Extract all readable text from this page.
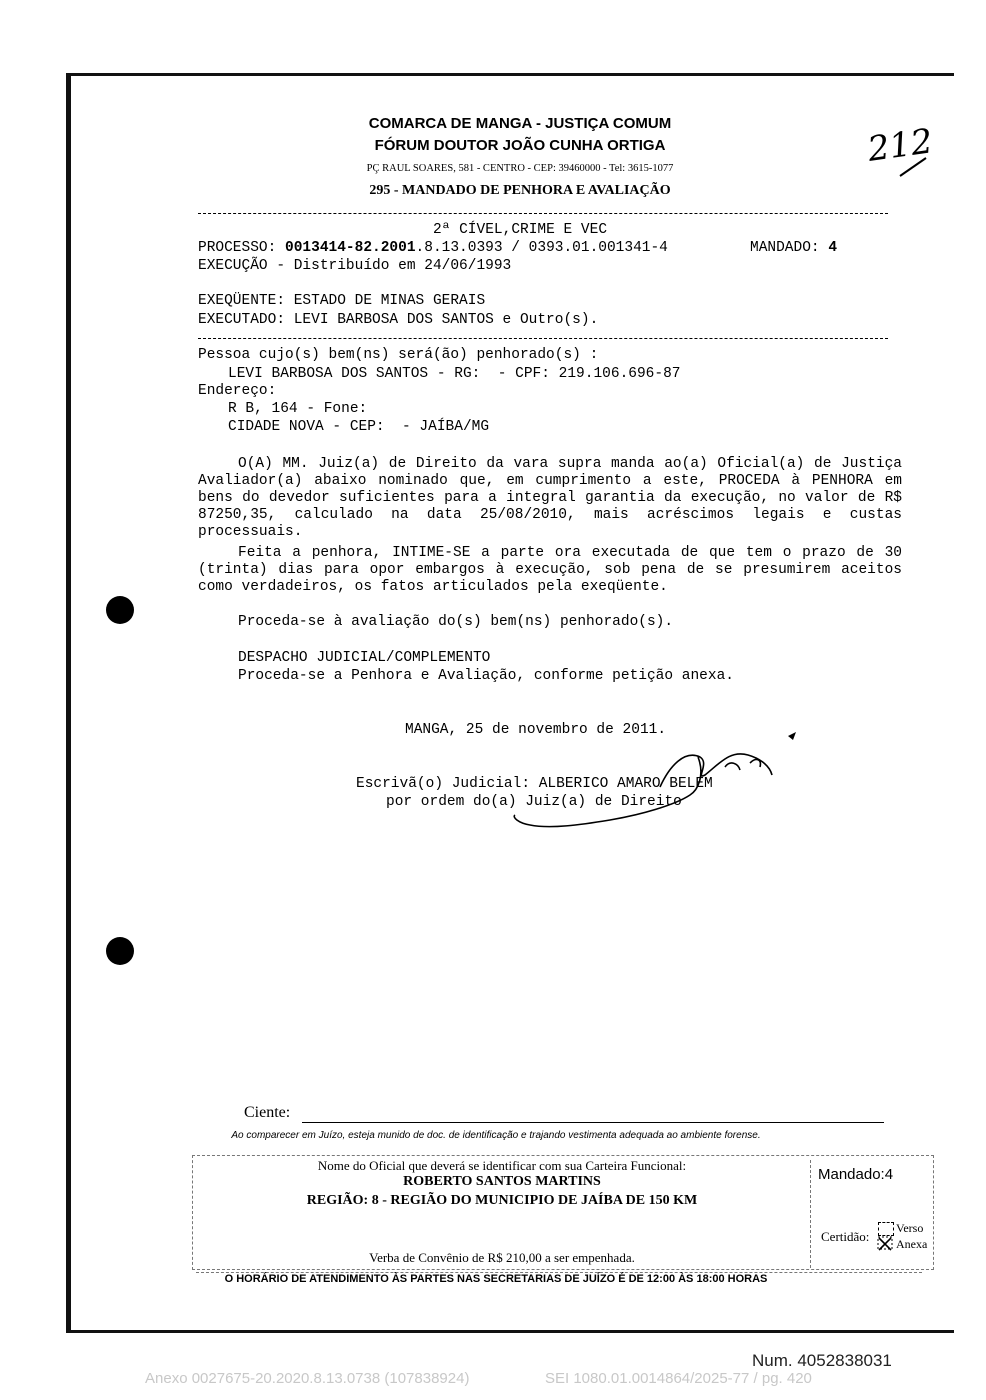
212
COMARCA DE MANGA - JUSTIÇA COMUM
FÓRUM DOUTOR JOÃO CUNHA ORTIGA
PÇ RAUL SOARES, 581 - CENTRO - CEP: 39460000 - Tel: 3615-1077
295 - MANDADO DE PENHORA E AVALIAÇÃO
2ª CÍVEL,CRIME E VEC
PROCESSO: 0013414-82.2001.8.13.0393 / 0393.01.001341-4	MANDADO: 4
EXECUÇÃO - Distribuído em 24/06/1993
EXEQÜENTE: ESTADO DE MINAS GERAIS
EXECUTADO: LEVI BARBOSA DOS SANTOS e Outro(s).
Pessoa cujo(s) bem(ns) será(ão) penhorado(s) :
LEVI BARBOSA DOS SANTOS - RG:  - CPF: 219.106.696-87
Endereço:
R B, 164 - Fone:
CIDADE NOVA - CEP:  - JAÍBA/MG
O(A) MM. Juiz(a) de Direito da vara supra manda ao(a) Oficial(a) de Justiça Avaliador(a) abaixo nominado que, em cumprimento a este, PROCEDA à PENHORA em bens do devedor suficientes para a integral garantia da execução, no valor de R$ 87250,35, calculado na data 25/08/2010, mais acréscimos legais e custas processuais.
Feita a penhora, INTIME-SE a parte ora executada de que tem o prazo de 30 (trinta) dias para opor embargos à execução, sob pena de se presumirem aceitos como verdadeiros, os fatos articulados pela exeqüente.
Proceda-se à avaliação do(s) bem(ns) penhorado(s).
DESPACHO JUDICIAL/COMPLEMENTO
Proceda-se a Penhora e Avaliação, conforme petição anexa.
MANGA, 25 de novembro de 2011.
Escrivã(o) Judicial: ALBERICO AMARO BELEM
por ordem do(a) Juiz(a) de Direito
Ciente:
Ao comparecer em Juízo, esteja munido de doc. de identificação e trajando vestimenta adequada ao ambiente forense.
Nome do Oficial que deverá se identificar com sua Carteira Funcional:
ROBERTO SANTOS MARTINS
REGIÃO: 8 - REGIÃO DO MUNICIPIO DE JAÍBA DE 150 KM
Verba de Convênio de R$ 210,00 a ser empenhada.
Mandado:4
Certidão:
Verso
Anexa
O HORÁRIO DE ATENDIMENTO ÀS PARTES NAS SECRETARIAS DE JUÍZO É DE 12:00 ÀS 18:00 HORAS
Num. 4052838031
Anexo 0027675-20.2020.8.13.0738 (107838924)	SEI 1080.01.0014864/2025-77 / pg. 420
